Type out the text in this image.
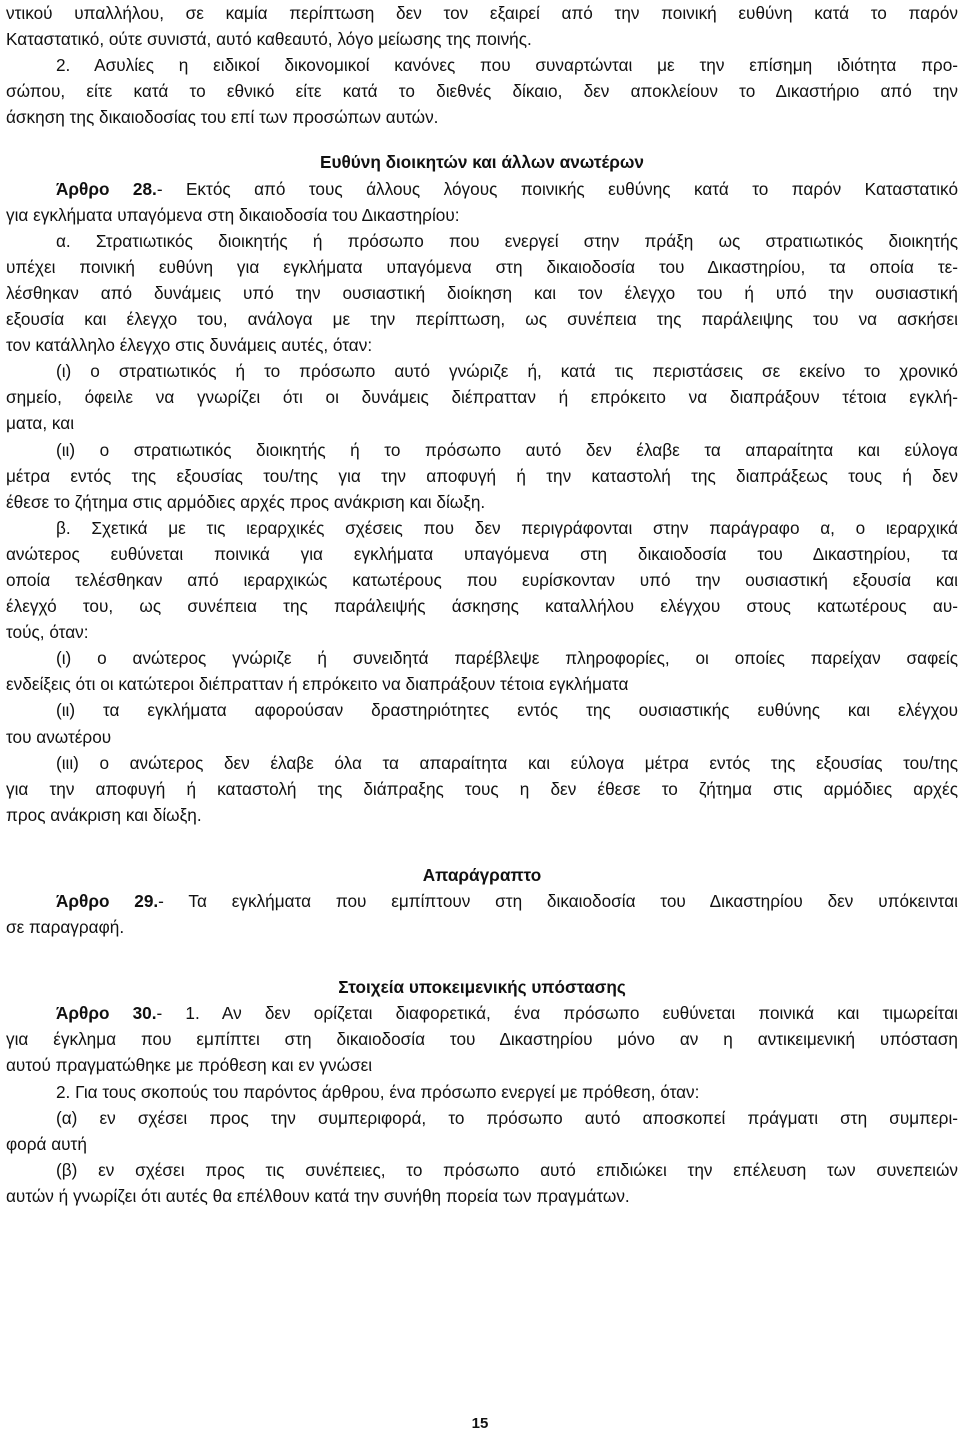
ντικού υπαλλήλου, σε καμία περίπτωση δεν τον εξαιρεί από την ποινική ευθύνη κατά το παρόν
Καταστατικό, ούτε συνιστά, αυτό καθεαυτό, λόγο μείωσης της ποινής.
2. Ασυλίες η ειδικοί δικονομικοί κανόνες που συναρτώνται με την επίσημη ιδιότητα προ-
σώπου, είτε κατά το εθνικό είτε κατά το διεθνές δίκαιο, δεν αποκλείουν το Δικαστήριο από την
άσκηση της δικαιοδοσίας του επί των προσώπων αυτών.
Ευθύνη διοικητών και άλλων ανωτέρων
Άρθρο 28.- Εκτός από τους άλλους λόγους ποινικής ευθύνης κατά το παρόν Καταστατικό
για εγκλήματα υπαγόμενα στη δικαιοδοσία του Δικαστηρίου:
α. Στρατιωτικός διοικητής ή πρόσωπο που ενεργεί στην πράξη ως στρατιωτικός διοικητής
υπέχει ποινική ευθύνη για εγκλήματα υπαγόμενα στη δικαιοδοσία του Δικαστηρίου, τα οποία τε-
λέσθηκαν από δυνάμεις υπό την ουσιαστική διοίκηση και τον έλεγχο του ή υπό την ουσιαστική
εξουσία και έλεγχο του, ανάλογα με την περίπτωση, ως συνέπεια της παράλειψης του να ασκήσει
τον κατάλληλο έλεγχο στις δυνάμεις αυτές, όταν:
(ι) ο στρατιωτικός ή το πρόσωπο αυτό γνώριζε ή, κατά τις περιστάσεις σε εκείνο το χρονικό
σημείο, όφειλε να γνωρίζει ότι οι δυνάμεις διέπρατταν ή επρόκειτο να διαπράξουν τέτοια εγκλή-
ματα, και
(ιι) ο στρατιωτικός διοικητής ή το πρόσωπο αυτό δεν έλαβε τα απαραίτητα και εύλογα
μέτρα εντός της εξουσίας του/της για την αποφυγή ή την καταστολή της διαπράξεως τους ή δεν
έθεσε το ζήτημα στις αρμόδιες αρχές προς ανάκριση και δίωξη.
β. Σχετικά με τις ιεραρχικές σχέσεις που δεν περιγράφονται στην παράγραφο α, ο ιεραρχικά
ανώτερος ευθύνεται ποινικά για εγκλήματα υπαγόμενα στη δικαιοδοσία του Δικαστηρίου, τα
οποία τελέσθηκαν από ιεραρχικώς κατωτέρους που ευρίσκονταν υπό την ουσιαστική εξουσία και
έλεγχό του, ως συνέπεια της παράλειψής άσκησης καταλλήλου ελέγχου στους κατωτέρους αυ-
τούς, όταν:
(ι) ο ανώτερος γνώριζε ή συνειδητά παρέβλεψε πληροφορίες, οι οποίες παρείχαν σαφείς
ενδείξεις ότι οι κατώτεροι διέπρατταν ή επρόκειτο να διαπράξουν τέτοια εγκλήματα
(ιι) τα εγκλήματα αφορούσαν δραστηριότητες εντός της ουσιαστικής ευθύνης και ελέγχου
του ανωτέρου
(ιιι) ο ανώτερος δεν έλαβε όλα τα απαραίτητα και εύλογα μέτρα εντός της εξουσίας του/της
για την αποφυγή ή καταστολή της διάπραξης τους η δεν έθεσε το ζήτημα στις αρμόδιες αρχές
προς ανάκριση και δίωξη.
Απαράγραπτο
Άρθρο 29.- Τα εγκλήματα που εμπίπτουν στη δικαιοδοσία του Δικαστηρίου δεν υπόκεινται
σε παραγραφή.
Στοιχεία υποκειμενικής υπόστασης
Άρθρο 30.- 1. Αν δεν ορίζεται διαφορετικά, ένα πρόσωπο ευθύνεται ποινικά και τιμωρείται
για έγκλημα που εμπίπτει στη δικαιοδοσία του Δικαστηρίου μόνο αν η αντικειμενική υπόσταση
αυτού πραγματώθηκε με πρόθεση και εν γνώσει
2. Για τους σκοπούς του παρόντος άρθρου, ένα πρόσωπο ενεργεί με πρόθεση, όταν:
(α) εν σχέσει προς την συμπεριφορά, το πρόσωπο αυτό αποσκοπεί πράγματι στη συμπερι-
φορά αυτή
(β) εν σχέσει προς τις συνέπειες, το πρόσωπο αυτό επιδιώκει την επέλευση των συνεπειών
αυτών ή γνωρίζει ότι αυτές θα επέλθουν κατά την συνήθη πορεία των πραγμάτων.
15
